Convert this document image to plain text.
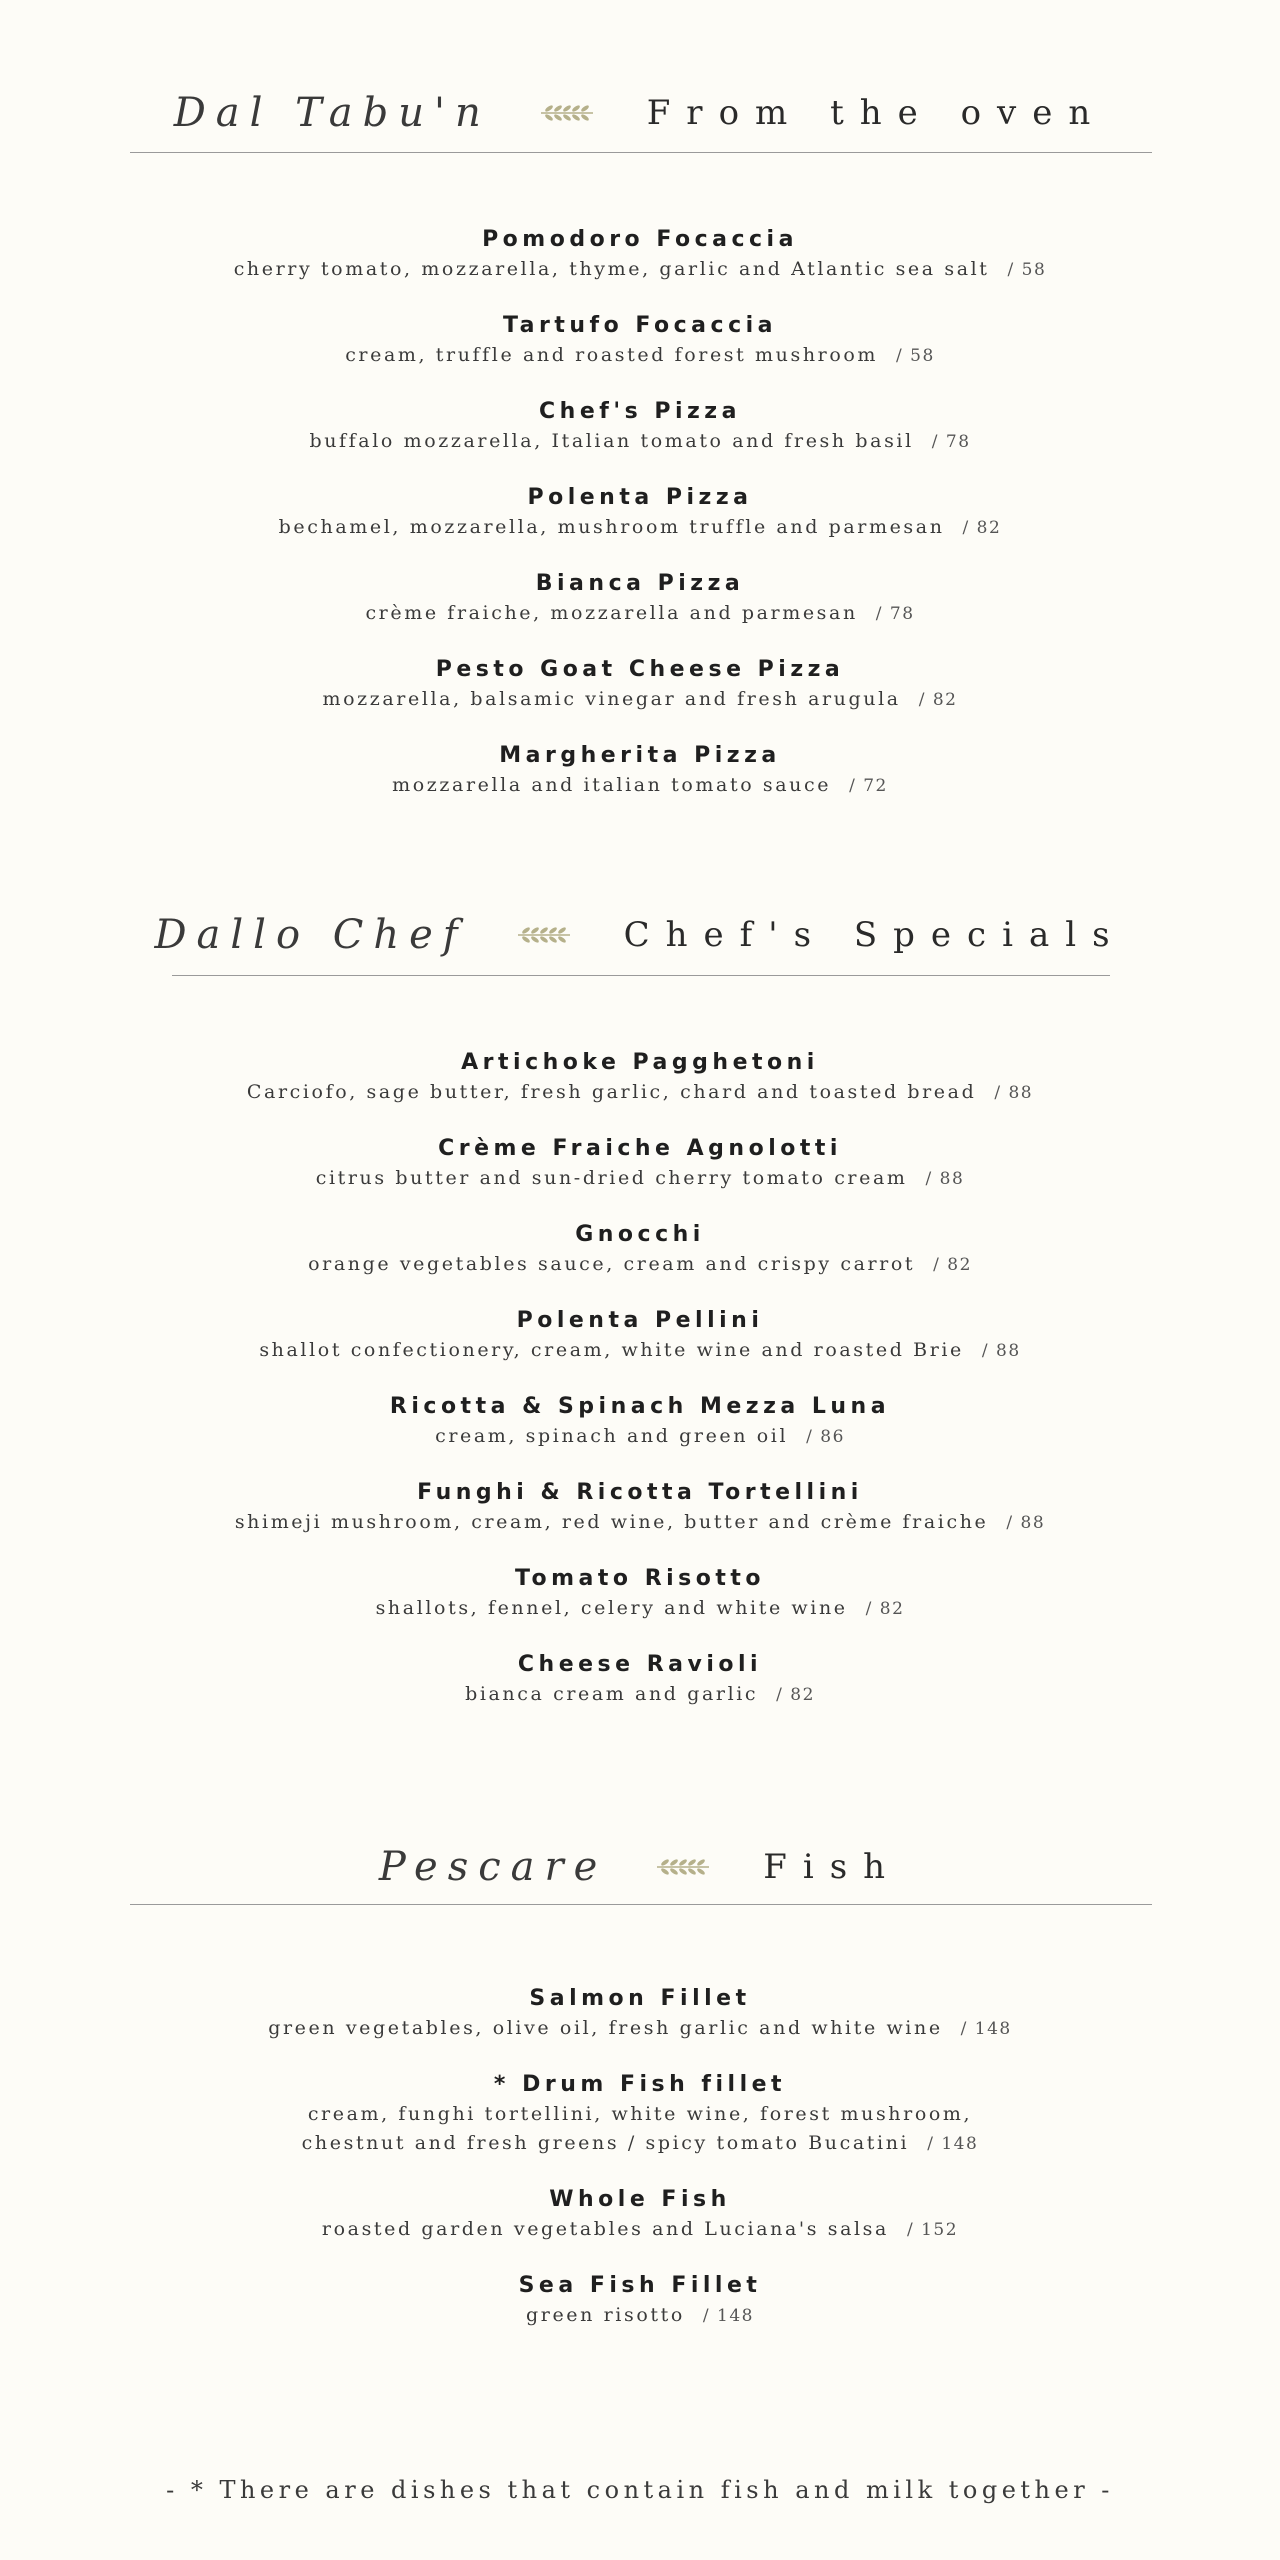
Dal Tabu'n	From the oven
Pomodoro Focaccia
cherry tomato, mozzarella, thyme, garlic and Atlantic sea salt / 58
Tartufo Focaccia
cream, truffle and roasted forest mushroom / 58
Chef's Pizza
buffalo mozzarella, Italian tomato and fresh basil / 78
Polenta Pizza
bechamel, mozzarella, mushroom truffle and parmesan / 82
Bianca Pizza
crème fraiche, mozzarella and parmesan / 78
Pesto Goat Cheese Pizza
mozzarella, balsamic vinegar and fresh arugula / 82
Margherita Pizza
mozzarella and italian tomato sauce / 72
Dallo Chef	Chef's Specials
Artichoke Pagghetoni
Carciofo, sage butter, fresh garlic, chard and toasted bread / 88
Crème Fraiche Agnolotti
citrus butter and sun-dried cherry tomato cream / 88
Gnocchi
orange vegetables sauce, cream and crispy carrot / 82
Polenta Pellini
shallot confectionery, cream, white wine and roasted Brie / 88
Ricotta & Spinach Mezza Luna
cream, spinach and green oil / 86
Funghi & Ricotta Tortellini
shimeji mushroom, cream, red wine, butter and crème fraiche / 88
Tomato Risotto
shallots, fennel, celery and white wine / 82
Cheese Ravioli
bianca cream and garlic / 82
Pescare	Fish
Salmon Fillet
green vegetables, olive oil, fresh garlic and white wine / 148
* Drum Fish fillet
cream, funghi tortellini, white wine, forest mushroom,
chestnut and fresh greens / spicy tomato Bucatini / 148
Whole Fish
roasted garden vegetables and Luciana's salsa / 152
Sea Fish Fillet
green risotto / 148
- * There are dishes that contain fish and milk together -
